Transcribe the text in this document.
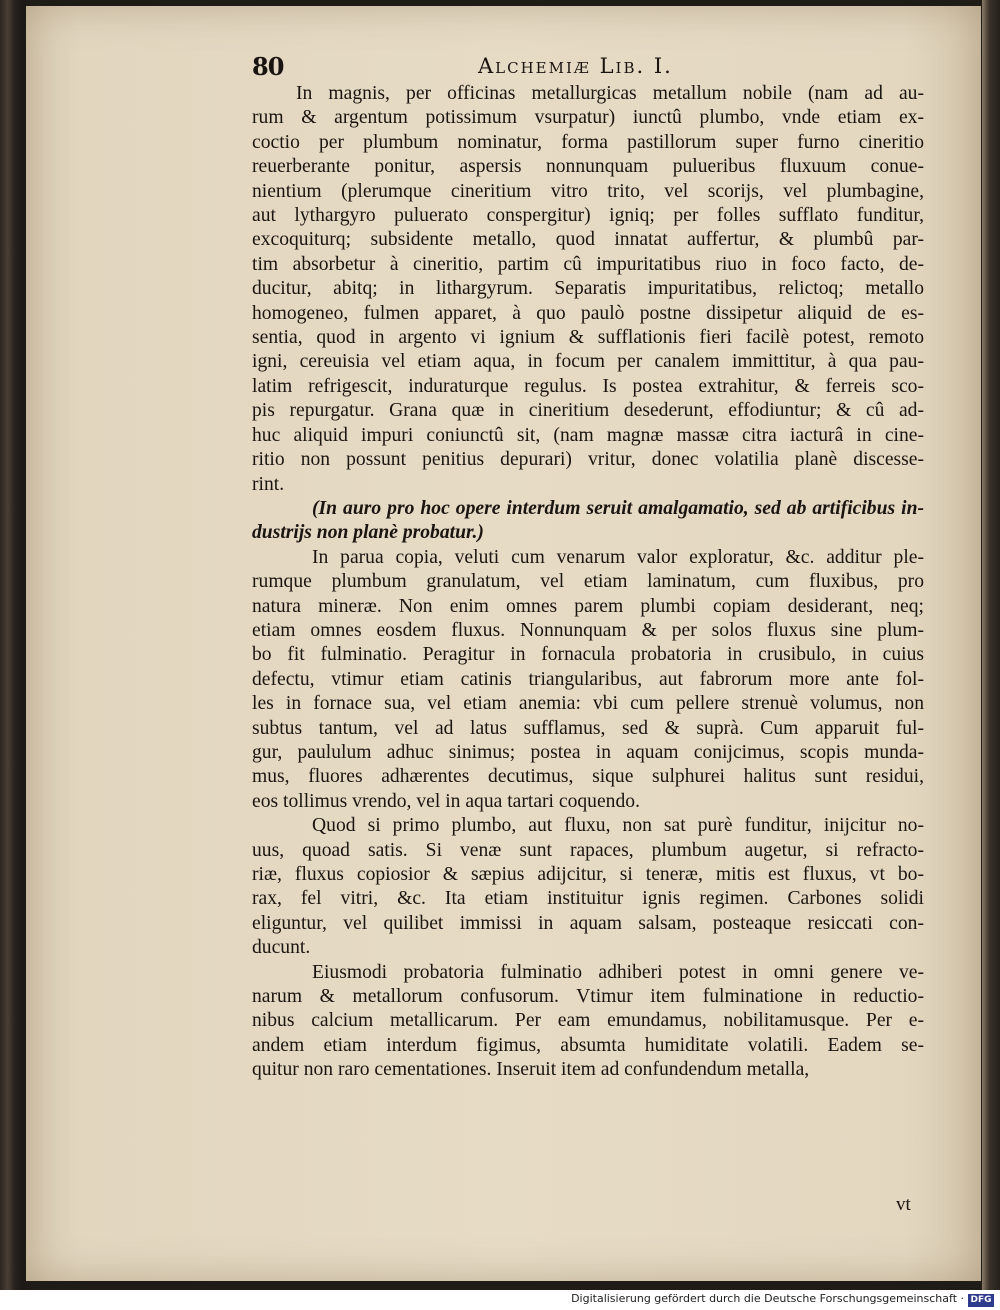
80	Alchemiæ Lib. I.
In magnis, per officinas metallurgicas metallum nobile (nam ad au-
rum & argentum potissimum vsurpatur) iunctû plumbo, vnde etiam ex-
coctio per plumbum nominatur, forma pastillorum super furno cineritio
reuerberante ponitur, aspersis nonnunquam pulueribus fluxuum conue-
nientium (plerumque cineritium vitro trito, vel scorijs, vel plumbagine,
aut lythargyro puluerato conspergitur) igniq; per folles sufflato funditur,
excoquiturq; subsidente metallo, quod innatat auffertur, & plumbû par-
tim absorbetur à cineritio, partim cû impuritatibus riuo in foco facto, de-
ducitur, abitq; in lithargyrum. Separatis impuritatibus, relictoq; metallo
homogeneo, fulmen apparet, à quo paulò postne dissipetur aliquid de es-
sentia, quod in argento vi ignium & sufflationis fieri facilè potest, remoto
igni, cereuisia vel etiam aqua, in focum per canalem immittitur, à qua pau-
latim refrigescit, induraturque regulus. Is postea extrahitur, & ferreis sco-
pis repurgatur. Grana quæ in cineritium desederunt, effodiuntur; & cû ad-
huc aliquid impuri coniunctû sit, (nam magnæ massæ citra iacturâ in cine-
ritio non possunt penitius depurari) vritur, donec volatilia planè discesse-
rint.
(In auro pro hoc opere interdum seruit amalgamatio, sed ab artificibus in-
dustrijs non planè probatur.)
In parua copia, veluti cum venarum valor exploratur, &c. additur ple-
rumque plumbum granulatum, vel etiam laminatum, cum fluxibus, pro
natura mineræ. Non enim omnes parem plumbi copiam desiderant, neq;
etiam omnes eosdem fluxus. Nonnunquam & per solos fluxus sine plum-
bo fit fulminatio. Peragitur in fornacula probatoria in crusibulo, in cuius
defectu, vtimur etiam catinis triangularibus, aut fabrorum more ante fol-
les in fornace sua, vel etiam anemia: vbi cum pellere strenuè volumus, non
subtus tantum, vel ad latus sufflamus, sed & suprà. Cum apparuit ful-
gur, paululum adhuc sinimus; postea in aquam conijcimus, scopis munda-
mus, fluores adhærentes decutimus, sique sulphurei halitus sunt residui,
eos tollimus vrendo, vel in aqua tartari coquendo.
Quod si primo plumbo, aut fluxu, non sat purè funditur, inijcitur no-
uus, quoad satis. Si venæ sunt rapaces, plumbum augetur, si refracto-
riæ, fluxus copiosior & sæpius adijcitur, si teneræ, mitis est fluxus, vt bo-
rax, fel vitri, &c. Ita etiam instituitur ignis regimen. Carbones solidi
eliguntur, vel quilibet immissi in aquam salsam, posteaque resiccati con-
ducunt.
Eiusmodi probatoria fulminatio adhiberi potest in omni genere ve-
narum & metallorum confusorum. Vtimur item fulminatione in reductio-
nibus calcium metallicarum. Per eam emundamus, nobilitamusque. Per e-
andem etiam interdum figimus, absumta humiditate volatili. Eadem se-
quitur non raro cementationes. Inseruit item ad confundendum metalla,
vt
Digitalisierung gefördert durch die Deutsche Forschungsgemeinschaft · DFG
